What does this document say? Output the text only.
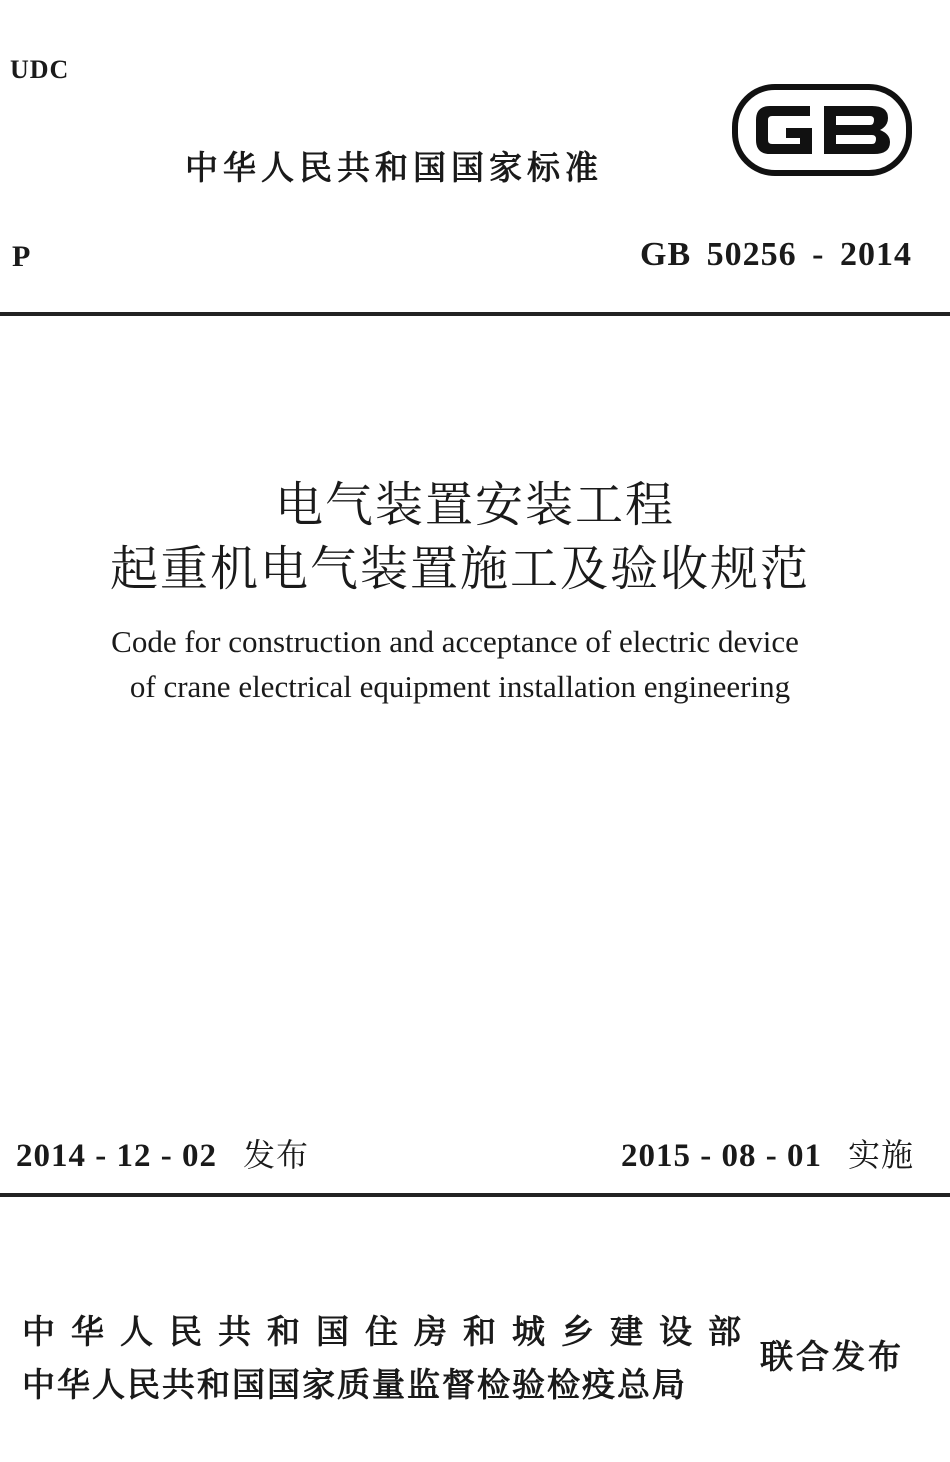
UDC
中华人民共和国国家标准
P	GB 50256 - 2014
电气装置安装工程
起重机电气装置施工及验收规范
Code for construction and acceptance of electric device
of crane electrical equipment installation engineering
2014 - 12 - 02 发布	2015 - 08 - 01 实施
中华人民共和国住房和城乡建设部
中华人民共和国国家质量监督检验检疫总局
联合发布
